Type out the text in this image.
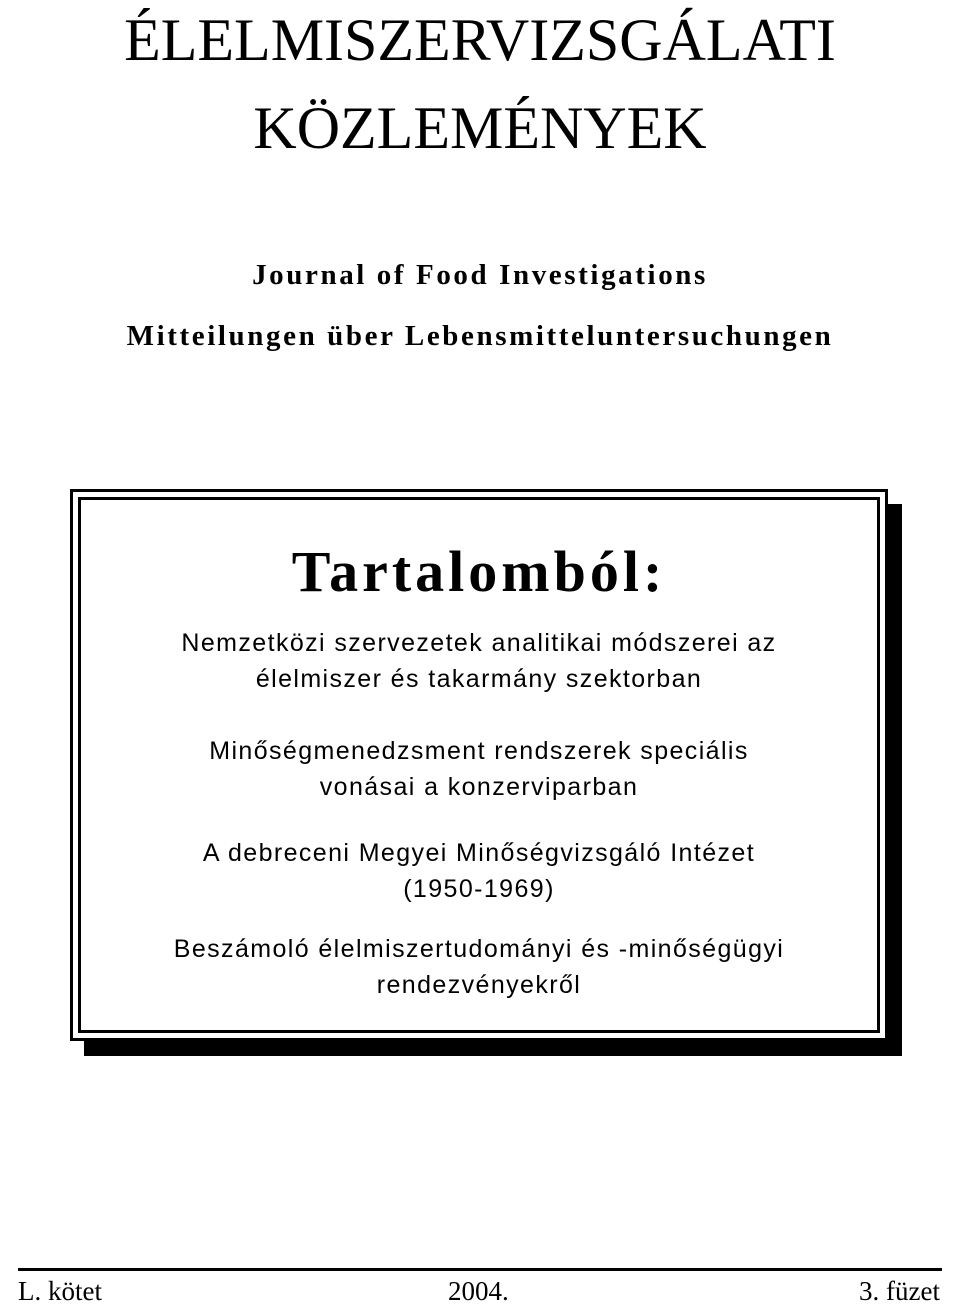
ÉLELMISZERVIZSGÁLATI
KÖZLEMÉNYEK

Journal of Food Investigations

Mitteilungen über Lebensmitteluntersuchungen

Tartalomból:

Nemzetközi szervezetek analitikai módszerei az
élelmiszer és takarmány szektorban

Minőségmenedzsment rendszerek speciális
vonásai a konzerviparban

A debreceni Megyei Minőségvizsgáló Intézet
(1950-1969)

Beszámoló élelmiszertudományi és -minőségügyi
rendezvényekről

L. kötet	2004.	3. füzet
